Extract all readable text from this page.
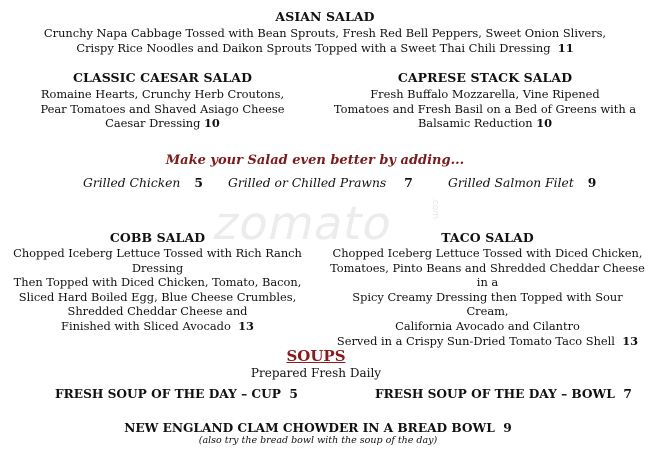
zomato	.com
ASIAN SALAD
Crunchy Napa Cabbage Tossed with Bean Sprouts, Fresh Red Bell Peppers, Sweet Onion Slivers,
Crispy Rice Noodles and Daikon Sprouts Topped with a Sweet Thai Chili Dressing 11
CLASSIC CAESAR SALAD
Romaine Hearts, Crunchy Herb Croutons,
Pear Tomatoes and Shaved Asiago Cheese
Caesar Dressing 10
CAPRESE STACK SALAD
Fresh Buffalo Mozzarella, Vine Ripened
Tomatoes and Fresh Basil on a Bed of Greens with a
Balsamic Reduction 10
Make your Salad even better by adding...
Grilled Chicken 5 Grilled or Chilled Prawns 7	Grilled Salmon Filet 9
COBB SALAD
Chopped Iceberg Lettuce Tossed with Rich Ranch Dressing
Then Topped with Diced Chicken, Tomato, Bacon,
Sliced Hard Boiled Egg, Blue Cheese Crumbles,
Shredded Cheddar Cheese and
Finished with Sliced Avocado 13
TACO SALAD
Chopped Iceberg Lettuce Tossed with Diced Chicken,
Tomatoes, Pinto Beans and Shredded Cheddar Cheese in a
Spicy Creamy Dressing then Topped with Sour Cream,
California Avocado and Cilantro
Served in a Crispy Sun-Dried Tomato Taco Shell 13
SOUPS
Prepared Fresh Daily
FRESH SOUP OF THE DAY – CUP 5	FRESH SOUP OF THE DAY – BOWL 7
NEW ENGLAND CLAM CHOWDER IN A BREAD BOWL 9
(also try the bread bowl with the soup of the day)
